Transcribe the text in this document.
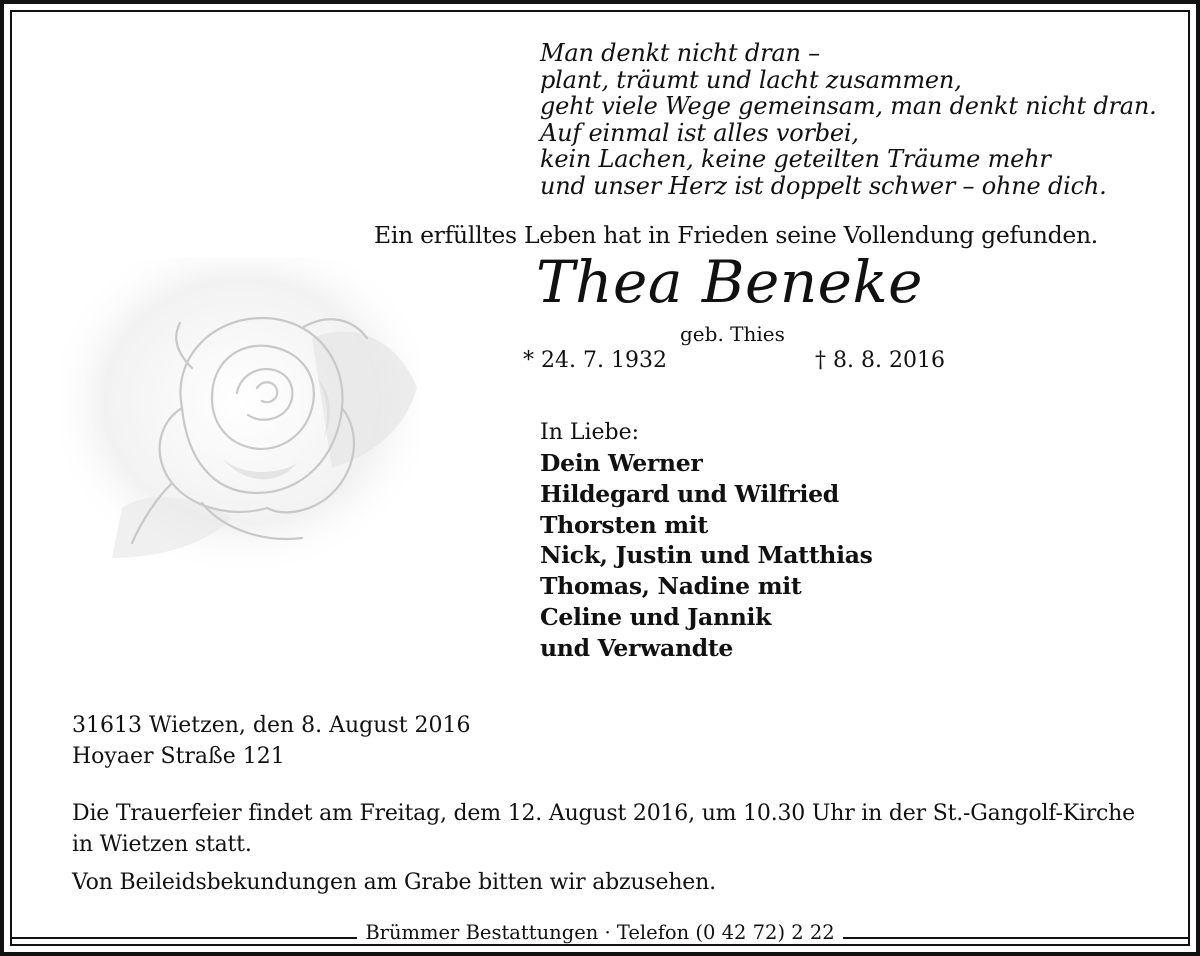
Man denkt nicht dran –
plant, träumt und lacht zusammen,
geht viele Wege gemeinsam, man denkt nicht dran.
Auf einmal ist alles vorbei,
kein Lachen, keine geteilten Träume mehr
und unser Herz ist doppelt schwer – ohne dich.
Ein erfülltes Leben hat in Frieden seine Vollendung gefunden.
Thea Beneke
geb. Thies
* 24. 7. 1932	† 8. 8. 2016
In Liebe:
Dein Werner
Hildegard und Wilfried
Thorsten mit
Nick, Justin und Matthias
Thomas, Nadine mit
Celine und Jannik
und Verwandte
31613 Wietzen, den 8. August 2016
Hoyaer Straße 121
Die Trauerfeier findet am Freitag, dem 12. August 2016, um 10.30 Uhr in der St.-Gangolf-Kirche in Wietzen statt.
Von Beileidsbekundungen am Grabe bitten wir abzusehen.
Brümmer Bestattungen · Telefon (0 42 72) 2 22
